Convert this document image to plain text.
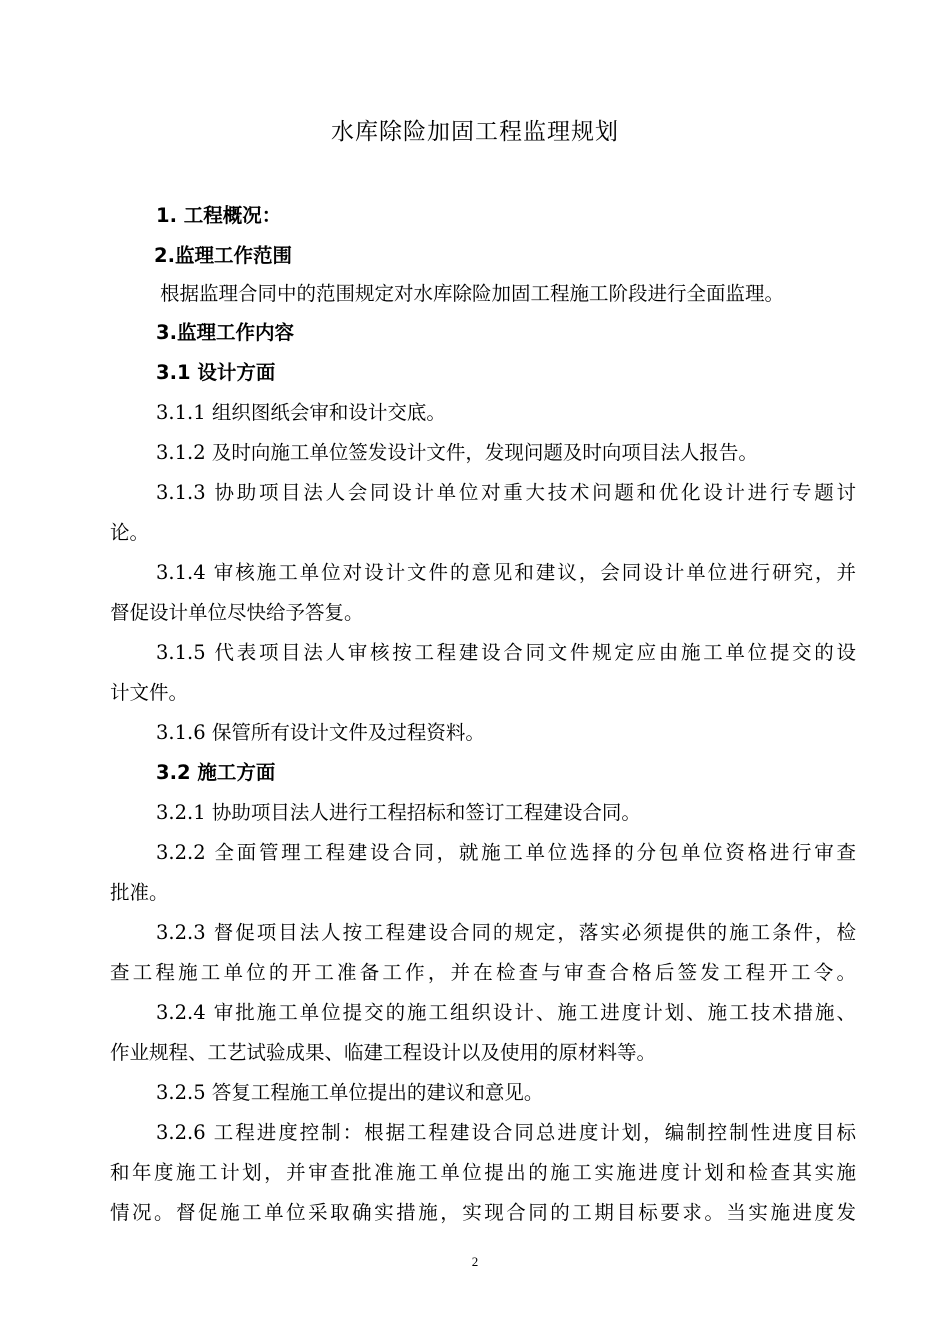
水库除险加固工程监理规划
1. 工程概况：
2.监理工作范围
根据监理合同中的范围规定对水库除险加固工程施工阶段进行全面监理。
3.监理工作内容
3.1 设计方面
3.1.1 组织图纸会审和设计交底。
3.1.2 及时向施工单位签发设计文件，发现问题及时向项目法人报告。
3.1.3 协助项目法人会同设计单位对重大技术问题和优化设计进行专题讨
论。
3.1.4 审核施工单位对设计文件的意见和建议，会同设计单位进行研究，并
督促设计单位尽快给予答复。
3.1.5 代表项目法人审核按工程建设合同文件规定应由施工单位提交的设
计文件。
3.1.6 保管所有设计文件及过程资料。
3.2 施工方面
3.2.1 协助项目法人进行工程招标和签订工程建设合同。
3.2.2 全面管理工程建设合同，就施工单位选择的分包单位资格进行审查
批准。
3.2.3 督促项目法人按工程建设合同的规定，落实必须提供的施工条件，检
查工程施工单位的开工准备工作，并在检查与审查合格后签发工程开工令。
3.2.4 审批施工单位提交的施工组织设计、施工进度计划、施工技术措施、
作业规程、工艺试验成果、临建工程设计以及使用的原材料等。
3.2.5 答复工程施工单位提出的建议和意见。
3.2.6 工程进度控制：根据工程建设合同总进度计划，编制控制性进度目标
和年度施工计划，并审查批准施工单位提出的施工实施进度计划和检查其实施
情况。督促施工单位采取确实措施，实现合同的工期目标要求。当实施进度发
2
